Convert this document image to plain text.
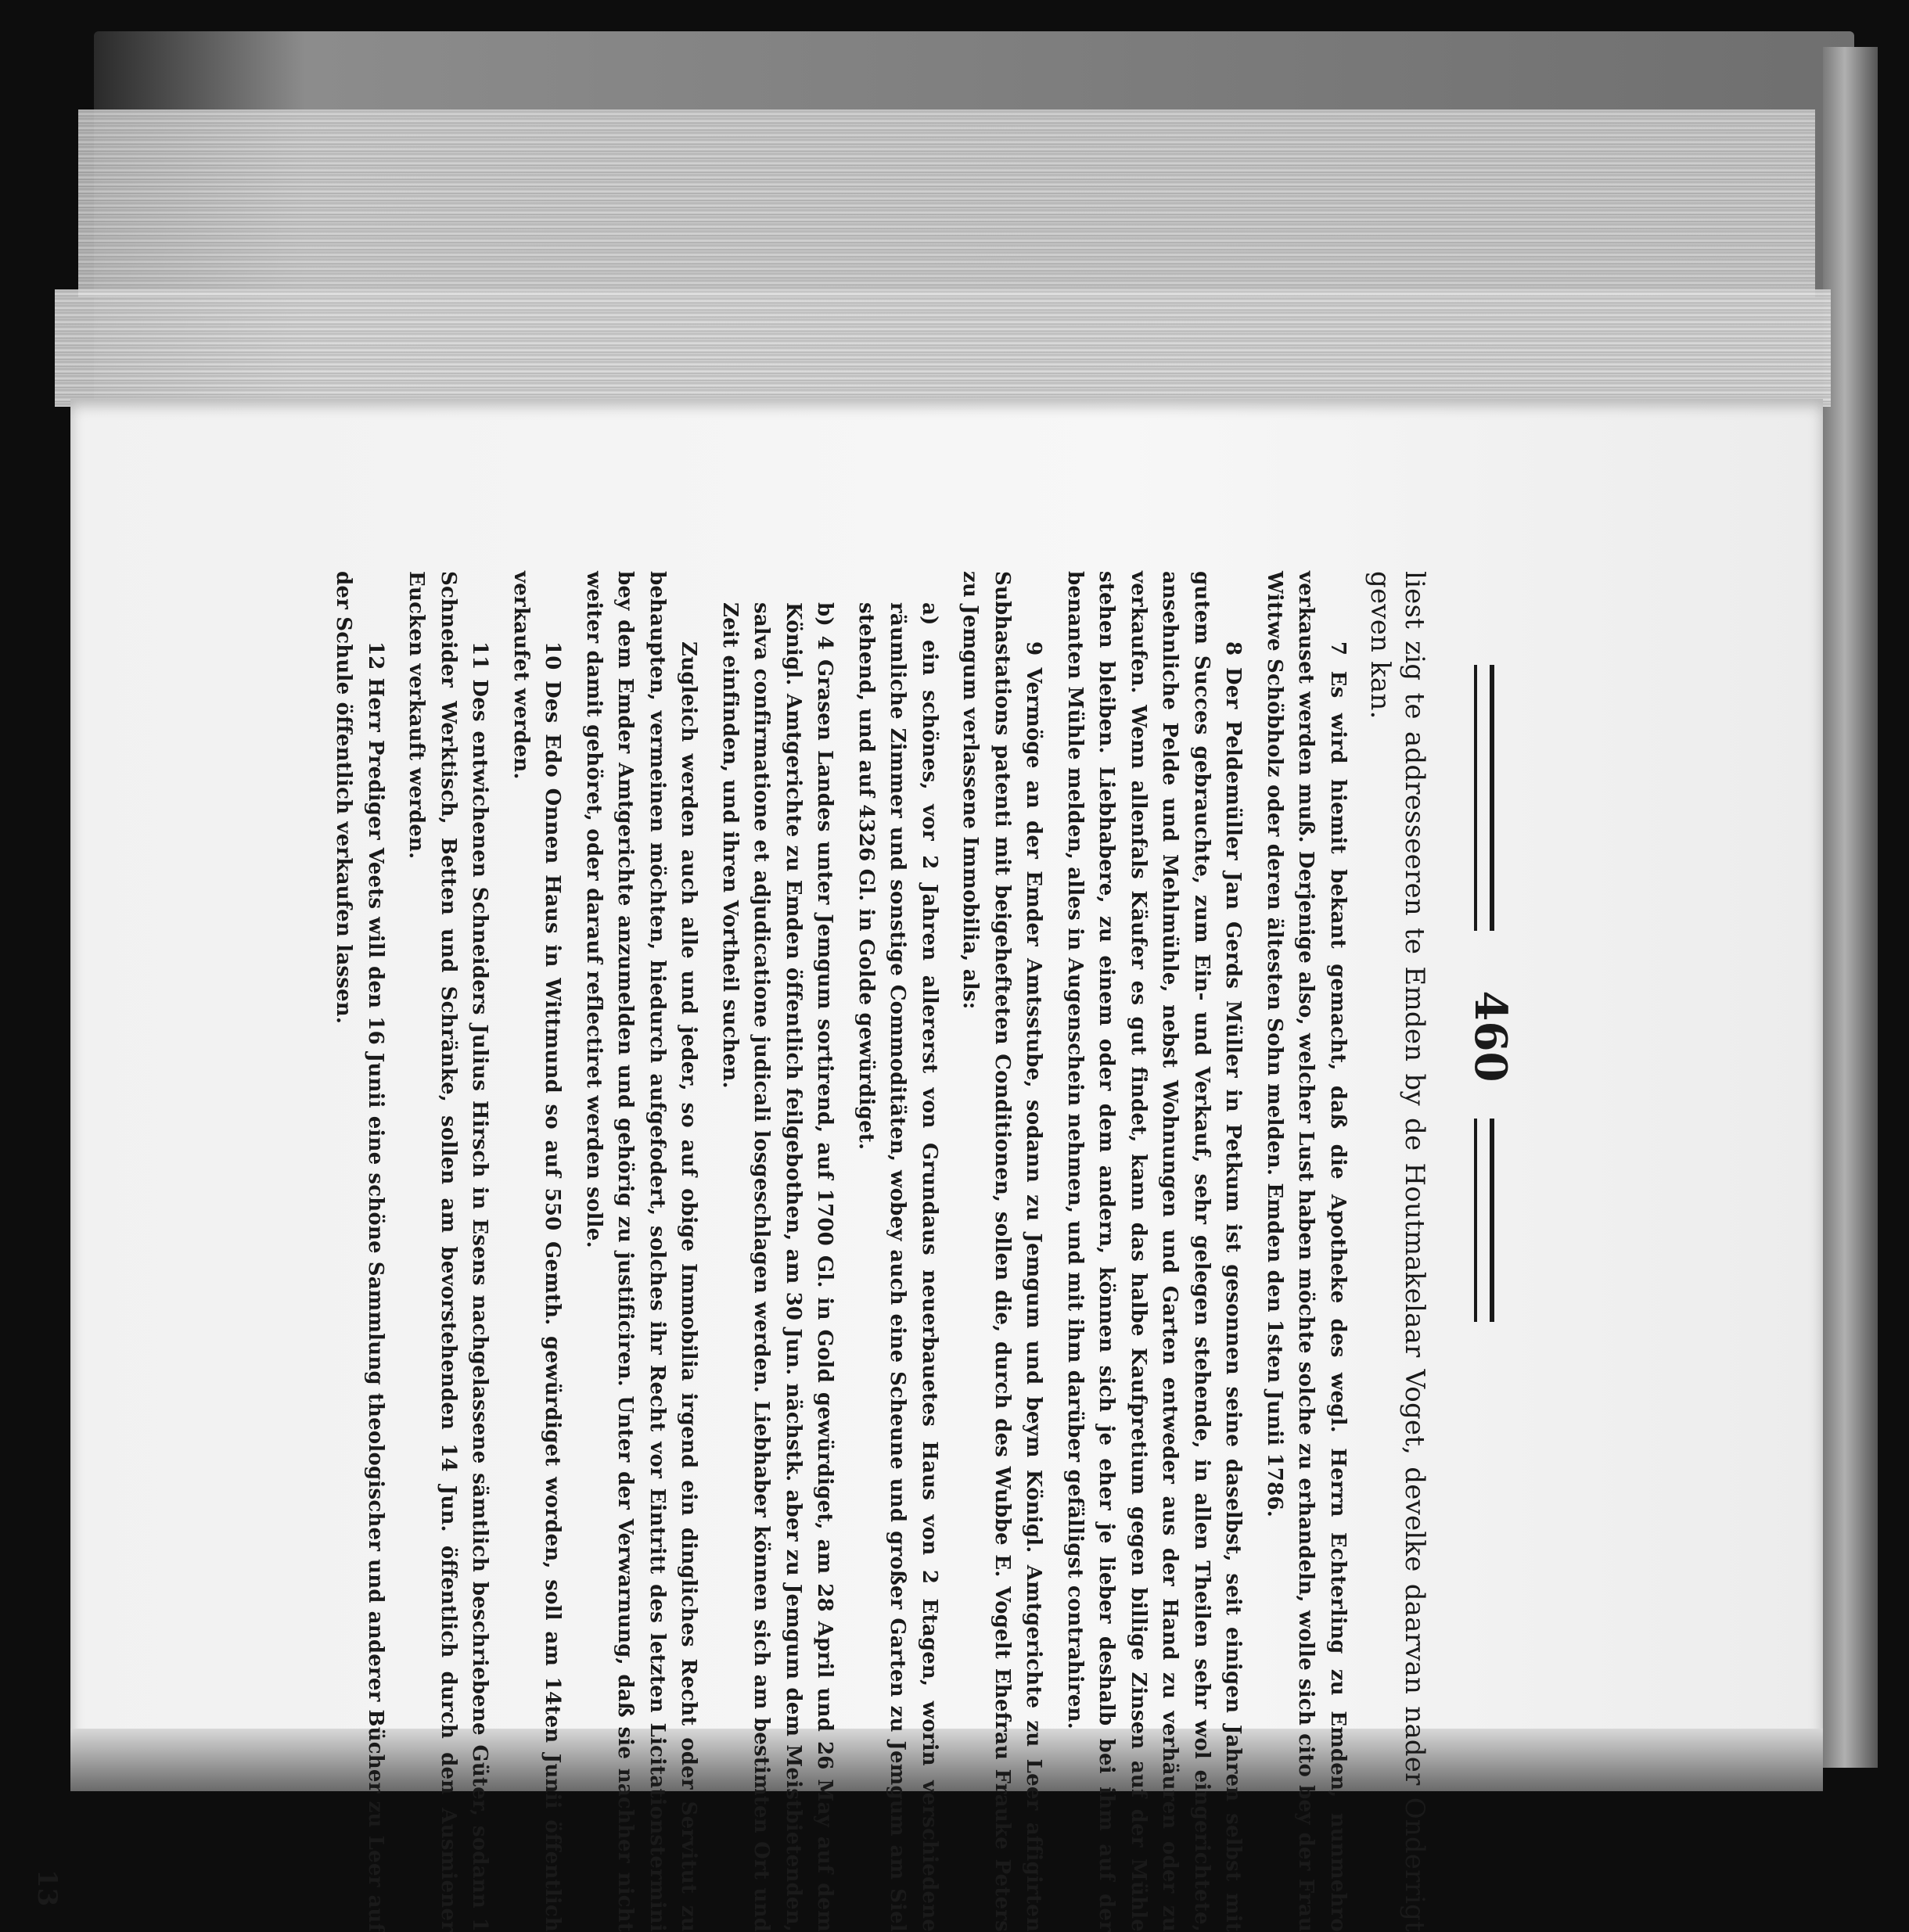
460

liest zig te addresseeren te Emden by de Houtmakelaar Voget, develke daarvan nader Onderrigt geven kan.

7 Es wird hiemit bekant gemacht, daß die Apotheke des wegl. Herrn Echterling zu Emden, nunmehro verkauset werden muß. Derjenige also, welcher Lust haben möchte solche zu erhandeln, wolle sich cito bey der Frau Wittwe Schöbholz oder deren ältesten Sohn melden. Emden den 1sten Junii 1786.

8 Der Peldemüller Jan Gerds Müller in Petkum ist gesonnen seine daselbst, seit einigen Jahren selbst mit gutem Succes gebrauchte, zum Ein- und Verkauf, sehr gelegen stehende, in allen Theilen sehr wol eingerichtete, ansehnliche Pelde und Mehlmühle, nebst Wohnungen und Garten entweder aus der Hand zu verhäuren oder zu verkaufen. Wenn allenfals Käufer es gut findet, kann das halbe Kaufpretium gegen billige Zinsen auf der Mühle stehen bleiben. Liebhabere, zu einem oder dem andern, können sich je eher je lieber deshalb bei ihm auf der benanten Mühle melden, alles in Augenschein nehmen, und mit ihm darüber gefälligst contrahiren.

9 Vermöge an der Emder Amtsstube, sodann zu Jemgum und beym Königl. Amtgerichte zu Leer affigirten Subhastations patenti mit beigehefteten Conditionen, sollen die, durch des Wubbe E. Vogelt Ehefrau Frauke Peters zu Jemgum verlassene Immobilia, als:

a) ein schönes, vor 2 Jahren allererst von Grundaus neuerbauetes Haus von 2 Etagen, worin verschiedene räumliche Zimmer und sonstige Commoditäten, wobey auch eine Scheune und großer Garten zu Jemgum am Siel stehend, und auf 4326 Gl. in Golde gewürdiget.

b) 4 Grasen Landes unter Jemgum sortirend, auf 1700 Gl. in Gold gewürdiget, am 28 April und 26 May auf dem Königl. Amtgerichte zu Emden öffentlich feilgebothen, am 30 Jun. nächstk. aber zu Jemgum dem Meistbietenden, salva confirmatione et adjudicatione judicali losgeschlagen werden. Liebhaber können sich am bestimten Ort und Zeit einfinden, und ihren Vortheil suchen.

Zugleich werden auch alle und jeder, so auf obige Immobilia irgend ein dingliches Recht oder Servitut zu behaupten, vermeinen möchten, hiedurch aufgefodert, solches ihr Recht vor Eintritt des letzten Licitationstermini bey dem Emder Amtgerichte anzumelden und gehörig zu justificiren. Unter der Verwarnung, daß sie nachher nicht weiter damit gehöret, oder darauf reflectiret werden solle.

10 Des Edo Onnen Haus in Wittmund so auf 550 Gemth. gewürdiget worden, soll am 14ten Junii öffentlich verkaufet werden.

11 Des entwichenen Schneiders Julius Hirsch in Esens nachgelassene sämtlich beschriebene Güter, sodann 1 Schneider Werktisch, Betten und Schränke, sollen am bevorstehenden 14 Jun. öffentlich durch den Ausmiener Eucken verkauft werden.

12 Herr Prediger Veets will den 16 Junii eine schöne Sammlung theologischer und anderer Bücher zu Leer auf der Schule öffentlich verkaufen lassen.

13
